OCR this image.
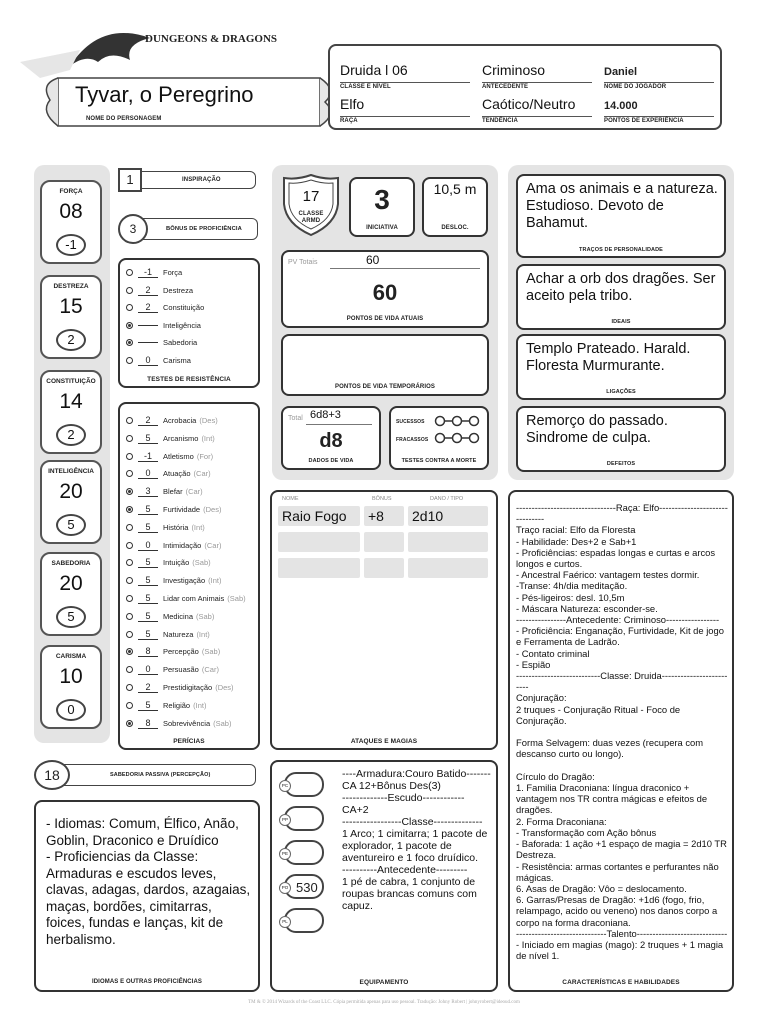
DUNGEONS & DRAGONS
Tyvar, o Peregrino
NOME DO PERSONAGEM
Druida l 06
CLASSE E NÍVEL
Criminoso
ANTECEDENTE
Daniel
NOME DO JOGADOR
Elfo
RAÇA
Caótico/Neutro
TENDÊNCIA
14.000
PONTOS DE EXPERIÊNCIA
FORÇA
08
-1
DESTREZA
15
2
CONSTITUIÇÃO
14
2
INTELIGÊNCIA
20
5
SABEDORIA
20
5
CARISMA
10
0
1	INSPIRAÇÃO
3	BÔNUS DE PROFICIÊNCIA
-1	Força
2	Destreza
2	Constituição
Inteligência
Sabedoria
0	Carisma
TESTES DE RESISTÊNCIA
2	Acrobacia (Des)
5	Arcanismo (Int)
-1	Atletismo (For)
0	Atuação (Car)
3	Blefar (Car)
5	Furtividade (Des)
5	História (Int)
0	Intimidação (Car)
5	Intuição (Sab)
5	Investigação (Int)
5	Lidar com Animais (Sab)
5	Medicina (Sab)
5	Natureza (Int)
8	Percepção (Sab)
0	Persuasão (Car)
2	Prestidigitação (Des)
5	Religião (Int)
8	Sobrevivência (Sab)
PERÍCIAS
18	SABEDORIA PASSIVA (PERCEPÇÃO)
- Idiomas: Comum, Élfico, Anão, Goblin, Draconico e Druídico
- Proficiencias da Classe: Armaduras e escudos leves, clavas, adagas, dardos, azagaias, maças, bordões, cimitarras, foices, fundas e lanças, kit de herbalismo.
IDIOMAS E OUTRAS PROFICIÊNCIAS
17
CLASSE ARMD
3
INICIATIVA
10,5 m
DESLOC.
PV Totais	60
60
PONTOS DE VIDA ATUAIS
PONTOS DE VIDA TEMPORÁRIOS
Total 6d8+3
d8
DADOS DE VIDA
SUCESSOS
FRACASSOS
TESTES CONTRA A MORTE
NOME	BÔNUS	DANO / TIPO
Raio Fogo	+8	2d10
ATAQUES E MAGIAS
PC
PP
PE
PO
PL
530
----Armadura:Couro Batido-------
CA 12+Bônus Des(3)
-------------Escudo------------
CA+2
-----------------Classe--------------
1 Arco; 1 cimitarra; 1 pacote de explorador, 1 pacote de aventureiro e 1 foco druídico.
----------Antecedente---------
1 pé de cabra, 1 conjunto de roupas brancas comuns com capuz.
EQUIPAMENTO
Ama os animais e a natureza. Estudioso. Devoto de Bahamut.
TRAÇOS DE PERSONALIDADE
Achar a orb dos dragões. Ser aceito pela tribo.
IDEAIS
Templo Prateado. Harald. Floresta Murmurante.
LIGAÇÕES
Remorço do passado. Sindrome de culpa.
DEFEITOS
--------------------------------Raça: Elfo-------------------------------
Traço racial: Elfo da Floresta
- Habilidade: Des+2 e Sab+1
- Proficiências: espadas longas e curtas e arcos longos e curtos.
- Ancestral Faérico: vantagem testes dormir.
-Transe: 4h/dia meditação.
- Pés-ligeiros: desl. 10,5m
- Máscara Natureza: esconder-se.
----------------Antecedente: Criminoso-----------------
- Proficiência: Enganação, Furtividade, Kit de jogo e Ferramenta de Ladrão.
- Contato criminal
- Espião
---------------------------Classe: Druida-------------------------
Conjuração:
2 truques - Conjuração Ritual - Foco de Conjuração.

Forma Selvagem: duas vezes (recupera com descanso curto ou longo).

Círculo do Dragão:
1. Familia Draconiana: língua draconico + vantagem nos TR contra mágicas e efeitos de dragões.
2. Forma Draconiana:
- Transformação com Ação bônus
- Baforada: 1 ação +1 espaço de magia = 2d10 TR Destreza.
- Resistência: armas cortantes e perfurantes não mágicas.
6. Asas de Dragão: Vôo = deslocamento.
6. Garras/Presas de Dragão: +1d6 (fogo, frio, relampago, acido ou veneno) nos danos corpo a corpo na forma draconiana.
-----------------------------Talento-----------------------------
- Iniciado em magias (mago): 2 truques + 1 magia de nível 1.
CARACTERÍSTICAS E HABILIDADES
TM & © 2014 Wizards of the Coast LLC. Cópia permitida apenas para uso pessoal. Tradução: Johny Robert | johnyrobert@ideoud.com
